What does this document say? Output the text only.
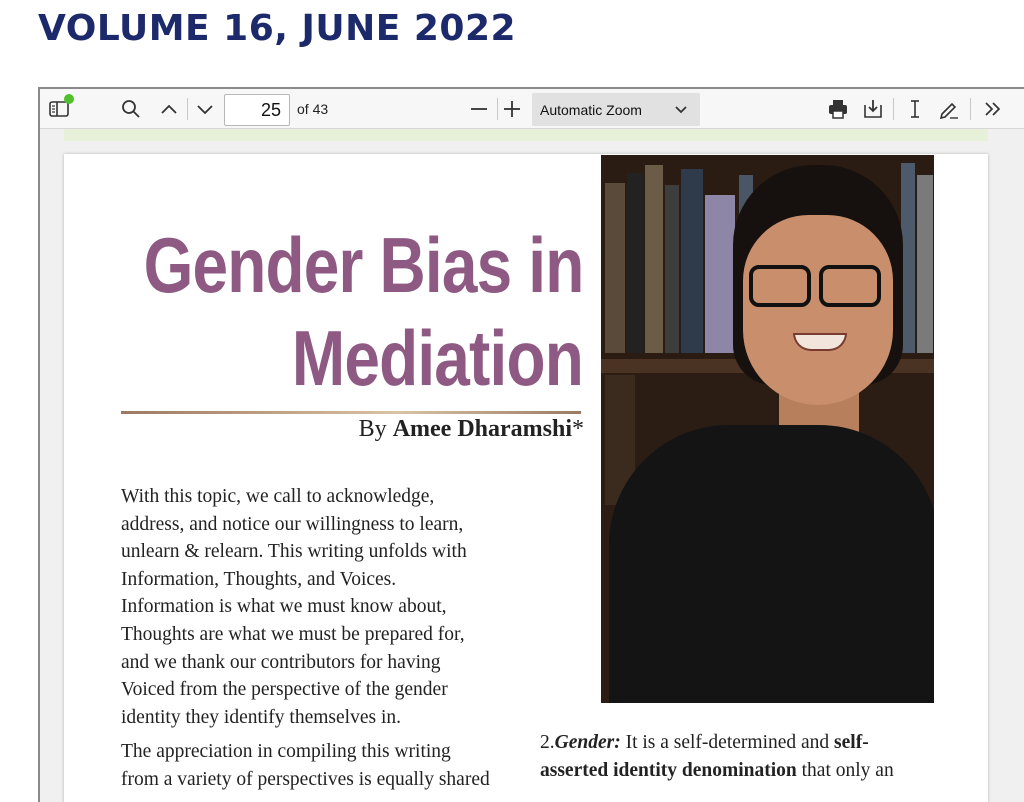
VOLUME 16, JUNE 2022
25
of 43	Automatic Zoom
Gender Bias in
Mediation
By Amee Dharamshi*
With this topic, we call to acknowledge,
address, and notice our willingness to learn,
unlearn & relearn. This writing unfolds with
Information, Thoughts, and Voices.
Information is what we must know about,
Thoughts are what we must be prepared for,
and we thank our contributors for having
Voiced from the perspective of the gender
identity they identify themselves in.
The appreciation in compiling this writing
from a variety of perspectives is equally shared
2.Gender: It is a self-determined and self-
asserted identity denomination that only an
